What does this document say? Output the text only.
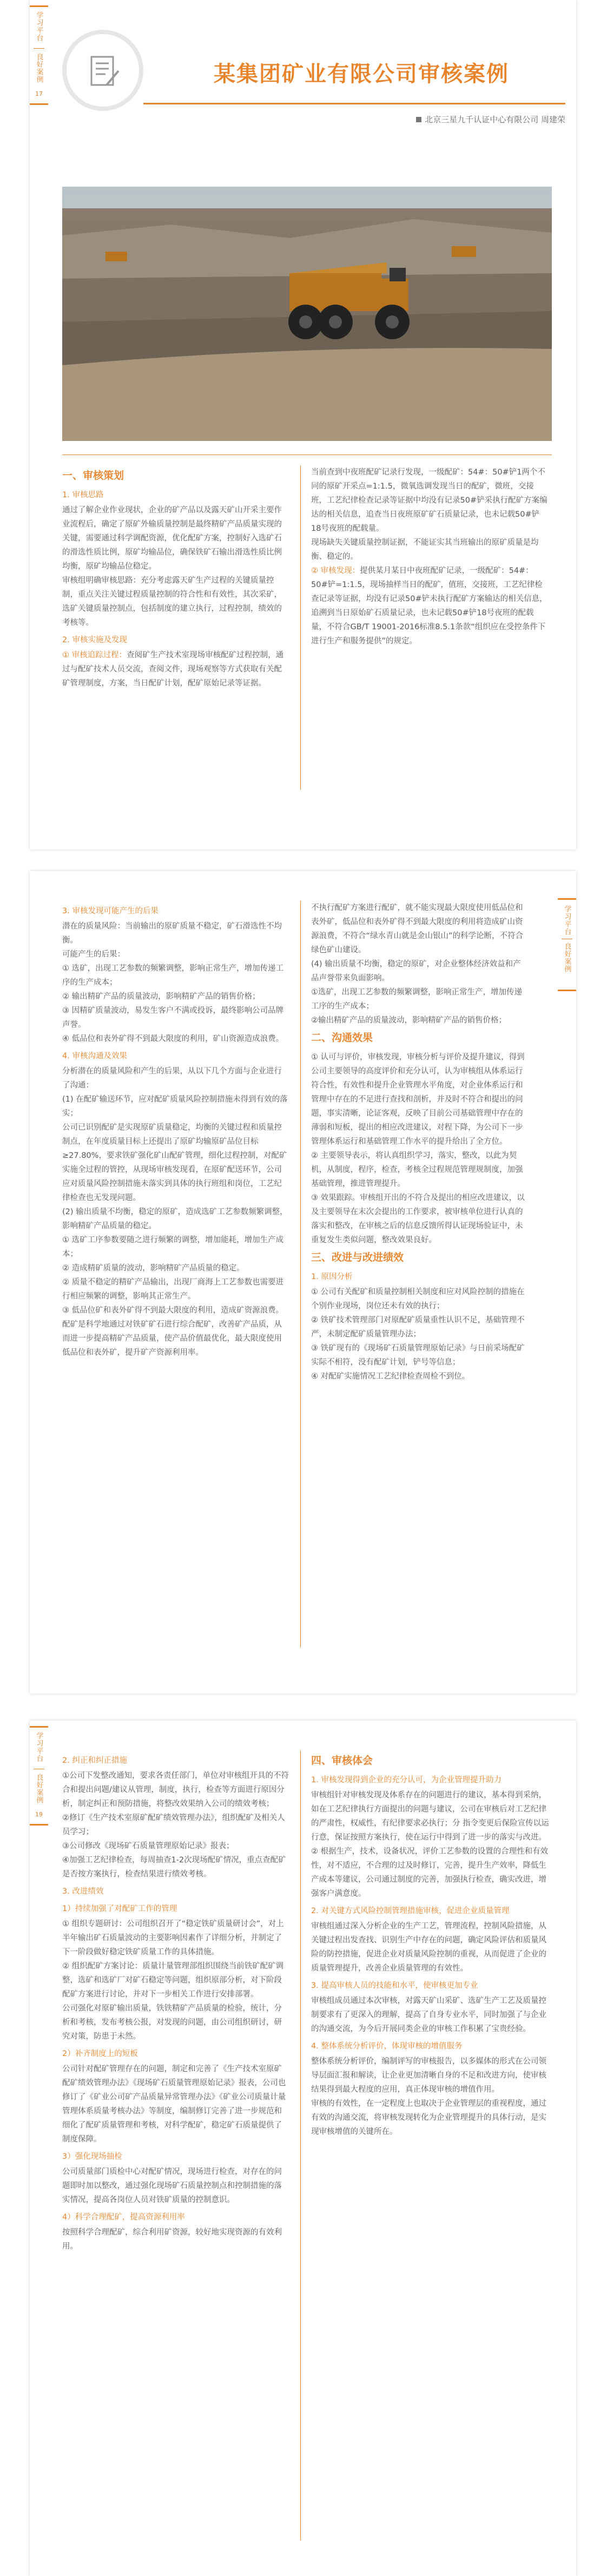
学习平台
良好案例
17
某集团矿业有限公司审核案例
北京三星九千认证中心有限公司 周建荣

一、审核策划

1. 审核思路

通过了解企业作业现状，企业的矿产品以及露天矿山开采主要作业流程后，确定了原矿外输质量控制是最终精矿产品质量实现的关键，需要通过科学调配资源，优化配矿方案，控制好入选矿石的滑选性质比例，原矿均输品位，确保铁矿石输出滑选性质比例均衡，原矿均输品位稳定。

审核组明确审核思路：充分考虑露天矿生产过程的关键质量控制，重点关注关键过程质量控制的符合性和有效性，其次采矿，选矿关键质量控制点，包括制度的建立执行，过程控制，绩效的考核等。

2. 审核实施及发现

① 审核追踪过程：查阅矿生产技术室现场审核配矿过程控制，通过与配矿技术人员交流，查阅文件，现场观察等方式获取有关配矿管理制度，方案，当日配矿计划，配矿原始记录等证据。

当前查到中夜班配矿记录行发现，一级配矿：54#：50#铲1两个不同的原矿开采点=1:1.5，微氧选调发现当日的配矿，微班，交接班，工艺纪律检查记录等证据中均没有记录50#铲采执行配矿方案编达的相关信息，追查当日夜班原矿矿石质量记录，也未记载50#铲18号夜班的配载量。

现场缺失关键质量控制证据，不能证实其当班输出的原矿质量是均衡、稳定的。

② 审核发现：提供某月某日中夜班配矿记录，一级配矿：54#：50#铲=1:1.5，现场抽样当日的配矿，值班，交接班，工艺纪律检查记录等证据，均没有记录50#铲未执行配矿方案输达的相关信息，追溯到当日原始矿石质量记录，也未记载50#铲18号夜班的配载量，不符合GB/T 19001-2016标准8.5.1条款“组织应在受控条件下进行生产和服务提供”的规定。

学习平台
良好案例

3. 审核发现可能产生的后果

潜在的质量风险：当前输出的原矿质量不稳定，矿石滑选性不均衡。

可能产生的后果：

① 选矿，出现工艺参数的频繁调整，影响正常生产，增加传递工序的生产成本；

② 输出精矿产品的质量波动，影响精矿产品的销售价格；

③ 因精矿质量波动，易发生客户不满或投诉，最终影响公司品牌声誉。

④ 低品位和表外矿得不到最大限度的利用，矿山资源造成浪费。

4. 审核沟通及效果

分析潜在的质量风险和产生的后果，从以下几个方面与企业进行了沟通：

(1) 在配矿输送环节，应对配矿质量风险控制措施未得到有效的落实；

公司已识别配矿是实现原矿质量稳定，均衡的关键过程和质量控制点，在年度质量目标上还提出了原矿均输原矿品位目标≥27.80%，要求铁矿强化矿山配矿管理，细化过程控制，对配矿实施全过程的管控，从现场审核发现看，在原矿配送环节，公司应对质量风险控制措施未落实到具体的执行班组和岗位，工艺纪律检查也无发现问题。

(2) 输出质量不均衡，稳定的原矿，造成选矿工艺参数频繁调整，影响精矿产品质量的稳定。

① 选矿工序参数要随之进行频繁的调整，增加能耗，增加生产成本；

② 造成精矿质量的波动，影响精矿产品质量的稳定。

② 质量不稳定的精矿产品输出，出现厂商海上工艺参数也需要进行相应频繁的调整，影响其正常生产。

③ 低品位矿和表外矿得不到最大限度的利用，造成矿资源浪费。

配矿是科学地通过对铁矿矿石进行综合配矿，改善矿产品质，从而进一步提高精矿产品质量，使产品价值最优化，最大限度使用低品位和表外矿，提升矿产资源利用率。

不执行配矿方案进行配矿，就不能实现最大限度使用低品位和表外矿，低品位和表外矿得不到最大限度的利用将造成矿山资源浪费，不符合“绿水青山就是金山银山”的科学论断，不符合绿色矿山建设。

(4) 输出质量不均衡，稳定的原矿，对企业整体经济效益和产品声誉带来负面影响。

①选矿，出现工艺参数的频繁调整，影响正常生产，增加传递工序的生产成本；

②输出精矿产品的质量波动，影响精矿产品的销售价格；

二、沟通效果

① 认可与评价，审核发现，审核分析与评价及提升建议，得到公司主要领导的高度评价和充分认可，认为审核组从体系运行符合性，有效性和提升企业管理水平角度，对企业体系运行和管理中存在的不足进行查找和剖析，并及时不符合和提出的问题，事实清晰，论证客观，反映了目前公司基础管理中存在的薄弱和短板，提出的相应改进建议，对程下降，为公司下一步管理体系运行和基础管理工作水平的提升给出了全方位。

② 主要领导表示，将认真组织学习，落实，整改，以此为契机，从制度，程序，检查，考核全过程规范管理规制度，加强基础管理，推进管理提升。

③ 效果跟踪。审核组开出的不符合及提出的相应改进建议，以及主要领导在末次会提出的工作要求，被审核单位进行认真的落实和整改，在审核之后的信息反馈所得认证现场验证中，未重复发生类似问题，整改效果良好。

三、改进与改进绩效

1. 原因分析

① 公司有关配矿和质量控制相关制度和应对风险控制的措施在个别作业现场，岗位还未有效的执行；

② 铁矿技术管理部门对原配矿质量重性认识不足，基础管理不严，未制定配矿质量管理办法；

③ 铁矿现有的《现场矿石质量管理原始记录》与日前采场配矿实际不相符，没有配矿计划，铲号等信息；

④ 对配矿实施情况工艺纪律检查周检不到位。

学习平台
良好案例
19

2. 纠正和纠正措施

①公司下发整改通知，要求各责任部门，单位对审核组开具的不符合和提出问题/建议从管理，制度，执行，检查等方面进行原因分析，制定纠正和预防措施，将整改效果纳入公司的绩效考核；

②修订《生产技术室原矿配矿绩效管理办法》，组织配矿及相关人员学习；

③公司修改《现场矿石质量管理原始记录》报表；

④加强工艺纪律检查，每周抽查1-2次现场配矿情况，重点查配矿是否按方案执行，检查结果进行绩效考核。

3. 改进绩效

1）持续加强了对配矿工作的管理

① 组织专题研讨：公司组织召开了“稳定铁矿质量研讨会”，对上半年输出矿石质量波动的主要影响因素作了详细分析，并制定了下一阶段做好稳定铁矿质量工作的具体措施。

② 组织配矿方案讨论：质量计量管理部组织围绕当前铁矿配矿调整，选矿和选矿厂对矿石稳定等问题，组织原部分析，对下阶段配矿方案进行讨论，并对下一步相关工作进行安排部署。

公司强化对原矿输出质量，铁铁精矿产品质量的检验，统计，分析和考核，发布考核公报，对发现的问题，由公司组织研讨，研究对策，防患于未然。

2）补齐制度上的短板

公司针对配矿管理存在的问题，制定和完善了《生产技术室原矿配矿绩效管理办法》《现场矿石质量管理原始记录》报表，公司也修订了《矿业公司矿产品质量异常管理办法》《矿业公司质量计量管理体系质量考核办法》等制度，编制修订完善了进一步规范和细化了配矿质量管理和考核，对科学配矿，稳定矿石质量提供了制度保障。

3）强化现场抽检

公司质量部门质检中心对配矿情况，现场进行检查，对存在的问题即时加以整改，通过强化现场矿石质量控制点和控制措施的落实情况，提高各岗位人员对铁矿质量的控制意识。

4）科学合理配矿，提高资源利用率

按照科学合理配矿，综合利用矿资源，较好地实现资源的有效利用。

四、审核体会

1. 审核发现得到企业的充分认可，为企业管理提升助力

审核组针对审核发现及体系存在的问题进行的建议，基本得到采纳，如在工艺纪律执行方面提出的问题与建议，公司在审核后对工艺纪律的严肃性，权威性，有纪律要求必执行；分 指令变更后保险宣传以运行意，保证按照方案执行，使在运行中得到了进一步的落实与改进。

② 根据生产，技术，设备状况，评价工艺参数的设置的合理性和有效性，对不适应，不合理的过及时修订，完善，提升生产效率，降低生产成本等建议，公司通过制度的完善，加强执行检查，确实改进，增强客户满意度。

2. 对关键方式风险控制管理措施审核，促进企业质量管理

审核组通过深入分析企业的生产工艺，管理流程，控制风险措施，从关键过程出发查找、识别生产中存在的问题，确定风险评估和质量风险的防控措施，促进企业对质量风险控制的重视，从而促进了企业的质量管理提升，改善企业质量管理的有效性。

3. 提高审核人员的技能和水平，使审核更加专业

审核组成员通过本次审核，对露天矿山采矿、选矿生产工艺及质量控制要求有了更深入的理解，提高了自身专业水平，同时加强了与企业的沟通交流，为今后开展同类企业的审核工作积累了宝贵经验。

4. 整体系统分析评价，体现审核的增值服务

整体系统分析评价，编制评写的审核报告，以多媒体的形式在公司领导层面汇报和解读，让企业更加清晰自身的不足和改进方向，使审核结果得到最大程度的应用，真正体现审核的增值作用。

审核的有效性，在一定程度上也取决于企业管理层的重视程度，通过有效的沟通交流，将审核发现转化为企业管理提升的具体行动，是实现审核增值的关键所在。
